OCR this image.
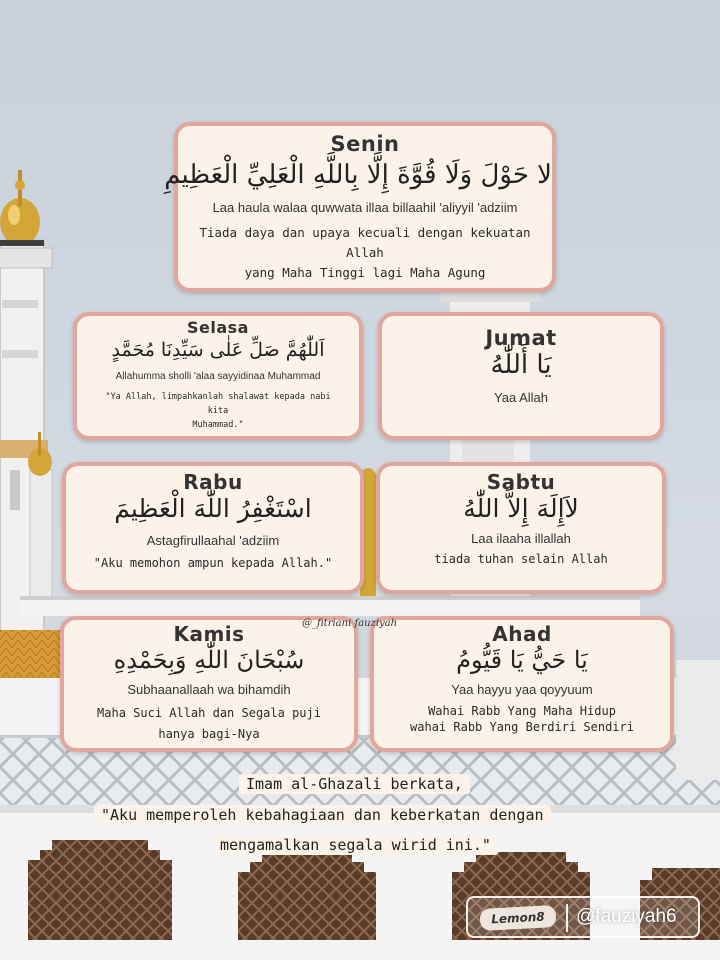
Senin
لا حَوْلَ وَلَا قُوَّةَ إِلَّا بِاللَّهِ الْعَلِيِّ الْعَظِيمِ
Laa haula walaa quwwata illaa billaahil 'aliyyil 'adziim
Tiada daya dan upaya kecuali dengan kekuatan Allah
yang Maha Tinggi lagi Maha Agung
Selasa
اَللّٰهُمَّ صَلِّ عَلٰى سَيِّدِنَا مُحَمَّدٍ
Allahumma sholli 'alaa sayyidinaa Muhammad
"Ya Allah, limpahkanlah shalawat kepada nabi kita
Muhammad."
Jumat
يَا أَللّٰهُ
Yaa Allah
Rabu
اسْتَغْفِرُ اللّٰهَ الْعَظِيمَ
Astagfirullaahal 'adziim
"Aku memohon ampun kepada Allah."
Sabtu
لاَإِلَهَ إِلاَّ اللّٰهُ
Laa ilaaha illallah
tiada tuhan selain Allah
Kamis
سُبْحَانَ اللّٰهِ وَبِحَمْدِهِ
Subhaanallaah wa bihamdih
Maha Suci Allah dan Segala puji
hanya bagi-Nya
Ahad
يَا حَيُّ يَا قَيُّومُ
Yaa hayyu yaa qoyyuum
Wahai Rabb Yang Maha Hidup
wahai Rabb Yang Berdiri Sendiri
@_fitriani fauziyah
Imam al-Ghazali berkata,
"Aku memperoleh kebahagiaan dan keberkatan dengan
mengamalkan segala wirid ini."
Lemon8	@fauziyah6
